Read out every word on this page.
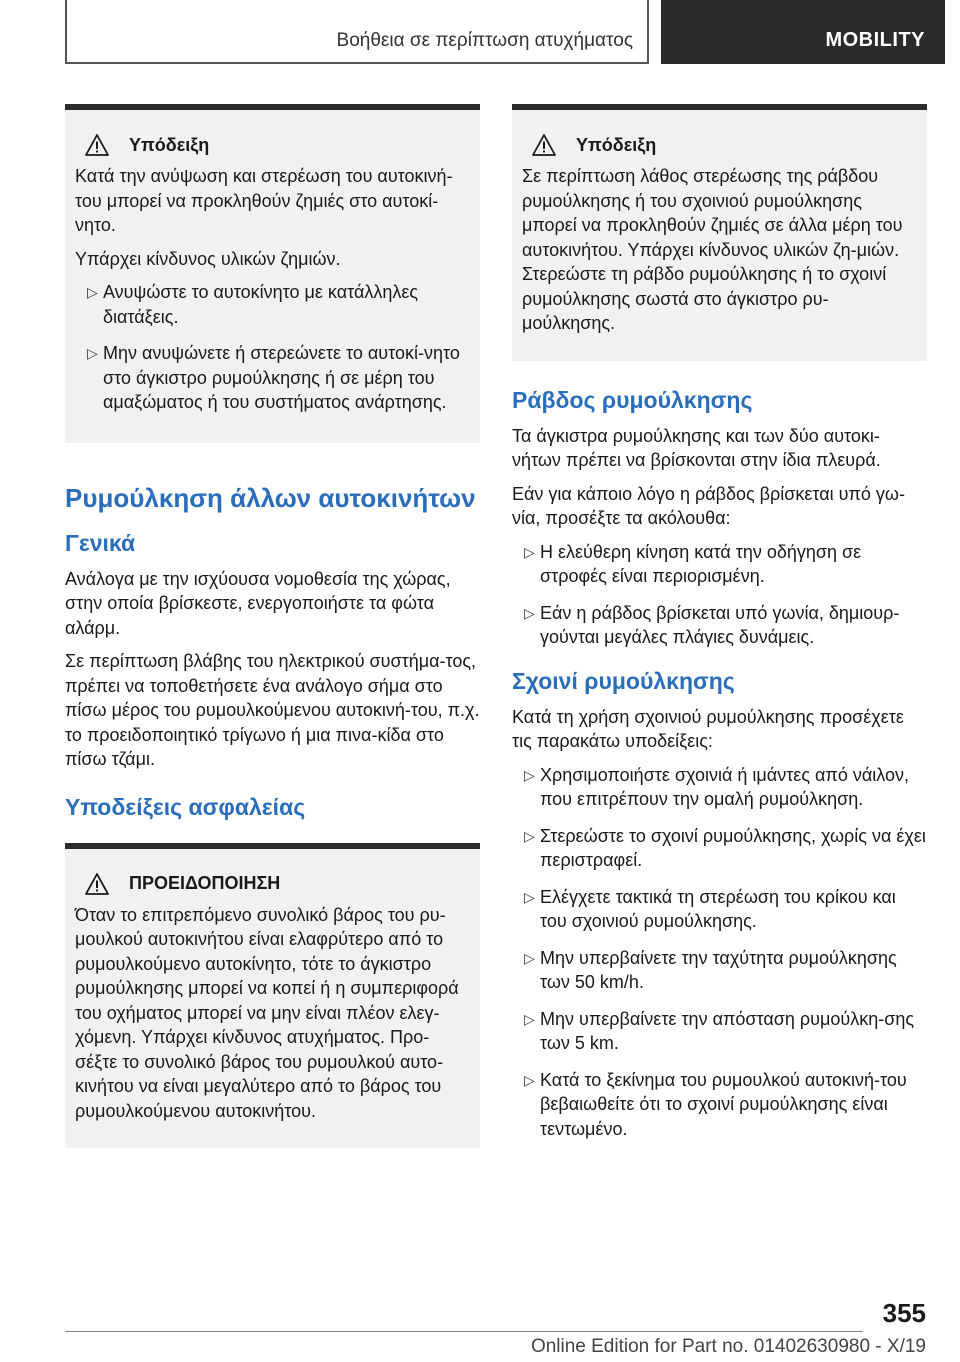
Βοήθεια σε περίπτωση ατυχήματος	MOBILITY
Υπόδειξη

Κατά την ανύψωση και στερέωση του αυτοκινή-του μπορεί να προκληθούν ζημιές στο αυτοκί-νητο.

Υπάρχει κίνδυνος υλικών ζημιών.

▷ Ανυψώστε το αυτοκίνητο με κατάλληλες διατάξεις.
▷ Μην ανυψώνετε ή στερεώνετε το αυτοκί-νητο στο άγκιστρο ρυμούλκησης ή σε μέρη του αμαξώματος ή του συστήματος ανάρτησης.
Ρυμούλκηση άλλων αυτοκινήτων
Γενικά

Ανάλογα με την ισχύουσα νομοθεσία της χώρας, στην οποία βρίσκεστε, ενεργοποιήστε τα φώτα αλάρμ.

Σε περίπτωση βλάβης του ηλεκτρικού συστήμα-τος, πρέπει να τοποθετήσετε ένα ανάλογο σήμα στο πίσω μέρος του ρυμουλκούμενου αυτοκινή-του, π.χ. το προειδοποιητικό τρίγωνο ή μια πινα-κίδα στο πίσω τζάμι.

Υποδείξεις ασφαλείας
ΠΡΟΕΙΔΟΠΟΙΗΣΗ

Όταν το επιτρεπόμενο συνολικό βάρος του ρυ-μουλκού αυτοκινήτου είναι ελαφρύτερο από το ρυμουλκούμενο αυτοκίνητο, τότε το άγκιστρο ρυμούλκησης μπορεί να κοπεί ή η συμπεριφορά του οχήματος μπορεί να μην είναι πλέον ελεγ-χόμενη. Υπάρχει κίνδυνος ατυχήματος. Προ-σέξτε το συνολικό βάρος του ρυμουλκού αυτο-κινήτου να είναι μεγαλύτερο από το βάρος του ρυμουλκούμενου αυτοκινήτου.

Υπόδειξη

Σε περίπτωση λάθος στερέωσης της ράβδου ρυμούλκησης ή του σχοινιού ρυμούλκησης μπορεί να προκληθούν ζημιές σε άλλα μέρη του αυτοκινήτου. Υπάρχει κίνδυνος υλικών ζη-μιών. Στερεώστε τη ράβδο ρυμούλκησης ή το σχοινί ρυμούλκησης σωστά στο άγκιστρο ρυ-μούλκησης.

Ράβδος ρυμούλκησης

Τα άγκιστρα ρυμούλκησης και των δύο αυτοκι-νήτων πρέπει να βρίσκονται στην ίδια πλευρά.

Εάν για κάποιο λόγο η ράβδος βρίσκεται υπό γω-νία, προσέξτε τα ακόλουθα:

▷ Η ελεύθερη κίνηση κατά την οδήγηση σε στροφές είναι περιορισμένη.
▷ Εάν η ράβδος βρίσκεται υπό γωνία, δημιουρ-γούνται μεγάλες πλάγιες δυνάμεις.
Σχοινί ρυμούλκησης

Κατά τη χρήση σχοινιού ρυμούλκησης προσέχετε τις παρακάτω υποδείξεις:

▷ Χρησιμοποιήστε σχοινιά ή ιμάντες από νάιλον, που επιτρέπουν την ομαλή ρυμούλκηση.
▷ Στερεώστε το σχοινί ρυμούλκησης, χωρίς να έχει περιστραφεί.
▷ Ελέγχετε τακτικά τη στερέωση του κρίκου και του σχοινιού ρυμούλκησης.
▷ Μην υπερβαίνετε την ταχύτητα ρυμούλκησης των 50 km/h.
▷ Μην υπερβαίνετε την απόσταση ρυμούλκη-σης των 5 km.
▷ Κατά το ξεκίνημα του ρυμουλκού αυτοκινή-του βεβαιωθείτε ότι το σχοινί ρυμούλκησης είναι τεντωμένο.
355
Online Edition for Part no. 01402630980 - X/19
